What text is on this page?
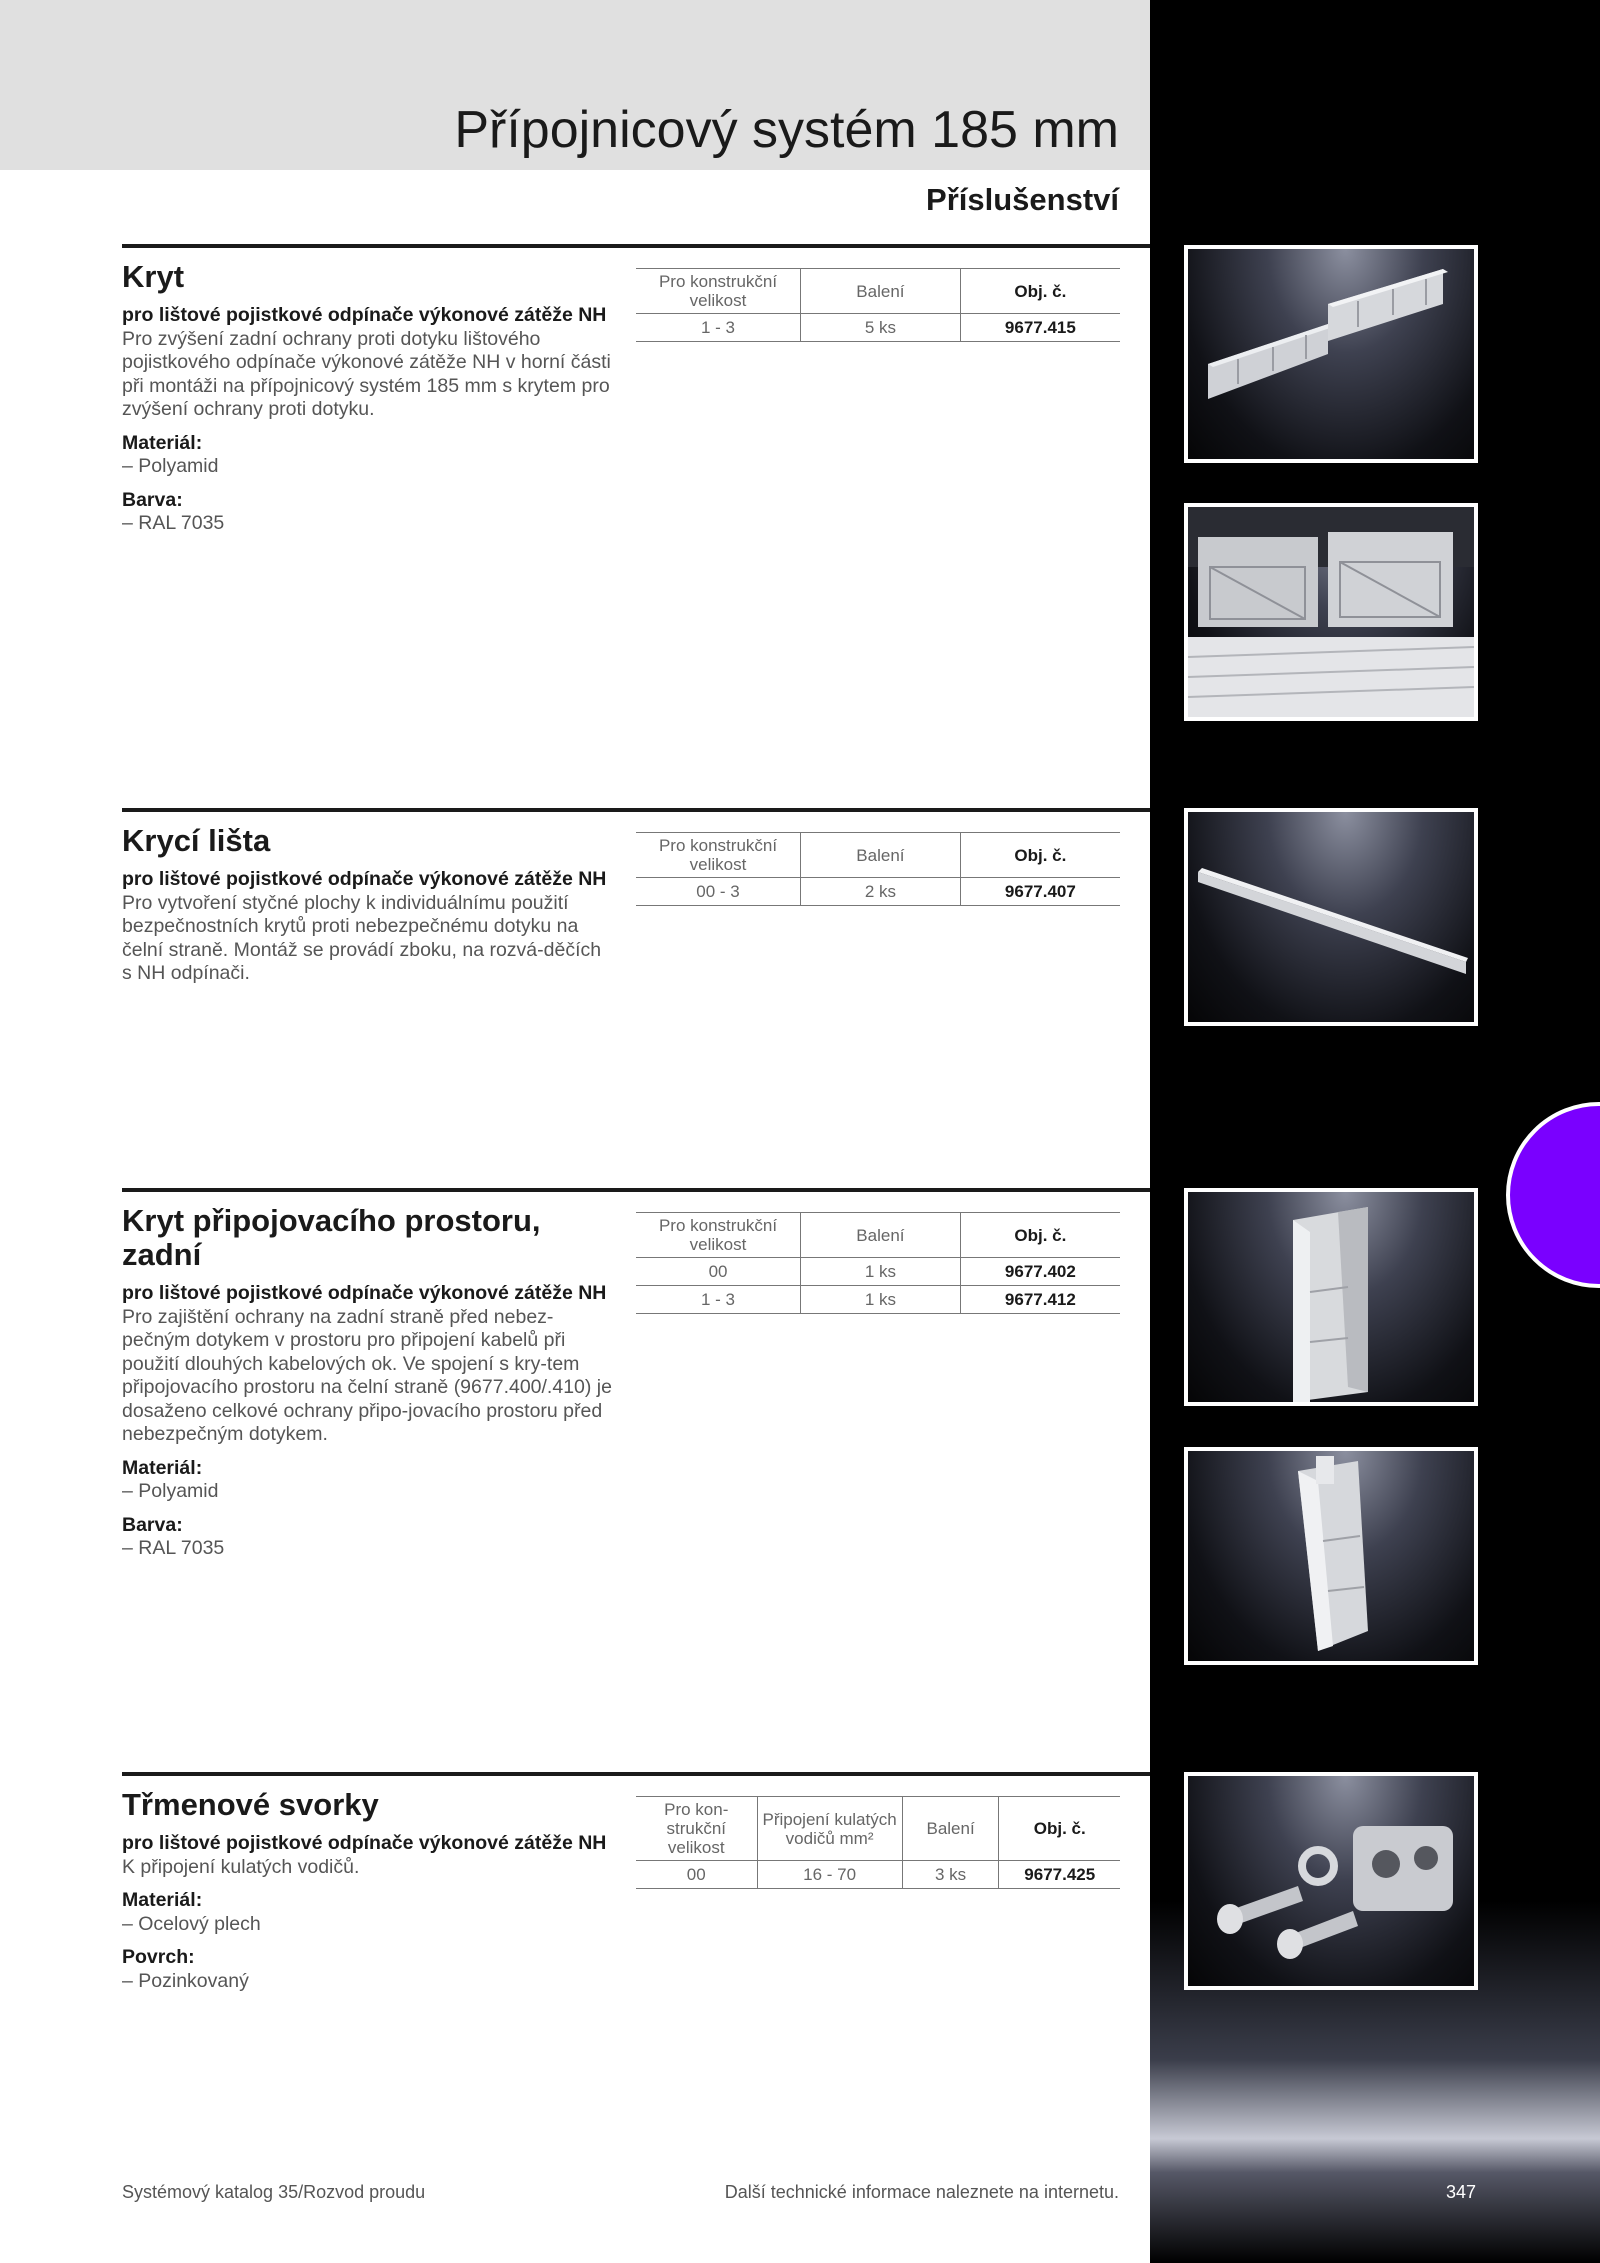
Přípojnicový systém 185 mm
Příslušenství
Kryt
pro lištové pojistkové odpínače výkonové zátěže NH

Pro zvýšení zadní ochrany proti dotyku lištového pojistkového odpínače výkonové zátěže NH v horní části při montáži na přípojnicový systém 185 mm s krytem pro zvýšení ochrany proti dotyku.

Materiál:
– Polyamid
Barva:
– RAL 7035
Pro konstrukční velikost	Balení	Obj. č.
1 - 3	5 ks	9677.415
Krycí lišta
pro lištové pojistkové odpínače výkonové zátěže NH

Pro vytvoření styčné plochy k individuálnímu použití bezpečnostních krytů proti nebezpečnému dotyku na čelní straně. Montáž se provádí zboku, na rozvá-děčích s NH odpínači.

Pro konstrukční velikost	Balení	Obj. č.
00 - 3	2 ks	9677.407
Kryt připojovacího prostoru, zadní
pro lištové pojistkové odpínače výkonové zátěže NH

Pro zajištění ochrany na zadní straně před nebez-pečným dotykem v prostoru pro připojení kabelů při použití dlouhých kabelových ok. Ve spojení s kry-tem připojovacího prostoru na čelní straně (9677.400/.410) je dosaženo celkové ochrany připo-jovacího prostoru před nebezpečným dotykem.

Materiál:
– Polyamid
Barva:
– RAL 7035
Pro konstrukční velikost	Balení	Obj. č.
00	1 ks	9677.402
1 - 3	1 ks	9677.412
Třmenové svorky
pro lištové pojistkové odpínače výkonové zátěže NH

K připojení kulatých vodičů.

Materiál:
– Ocelový plech
Povrch:
– Pozinkovaný
Pro kon-strukční velikost	Připojení kulatých vodičů mm²	Balení	Obj. č.
00	16 - 70	3 ks	9677.425
Systémový katalog 35/Rozvod proudu	Další technické informace naleznete na internetu.	347
